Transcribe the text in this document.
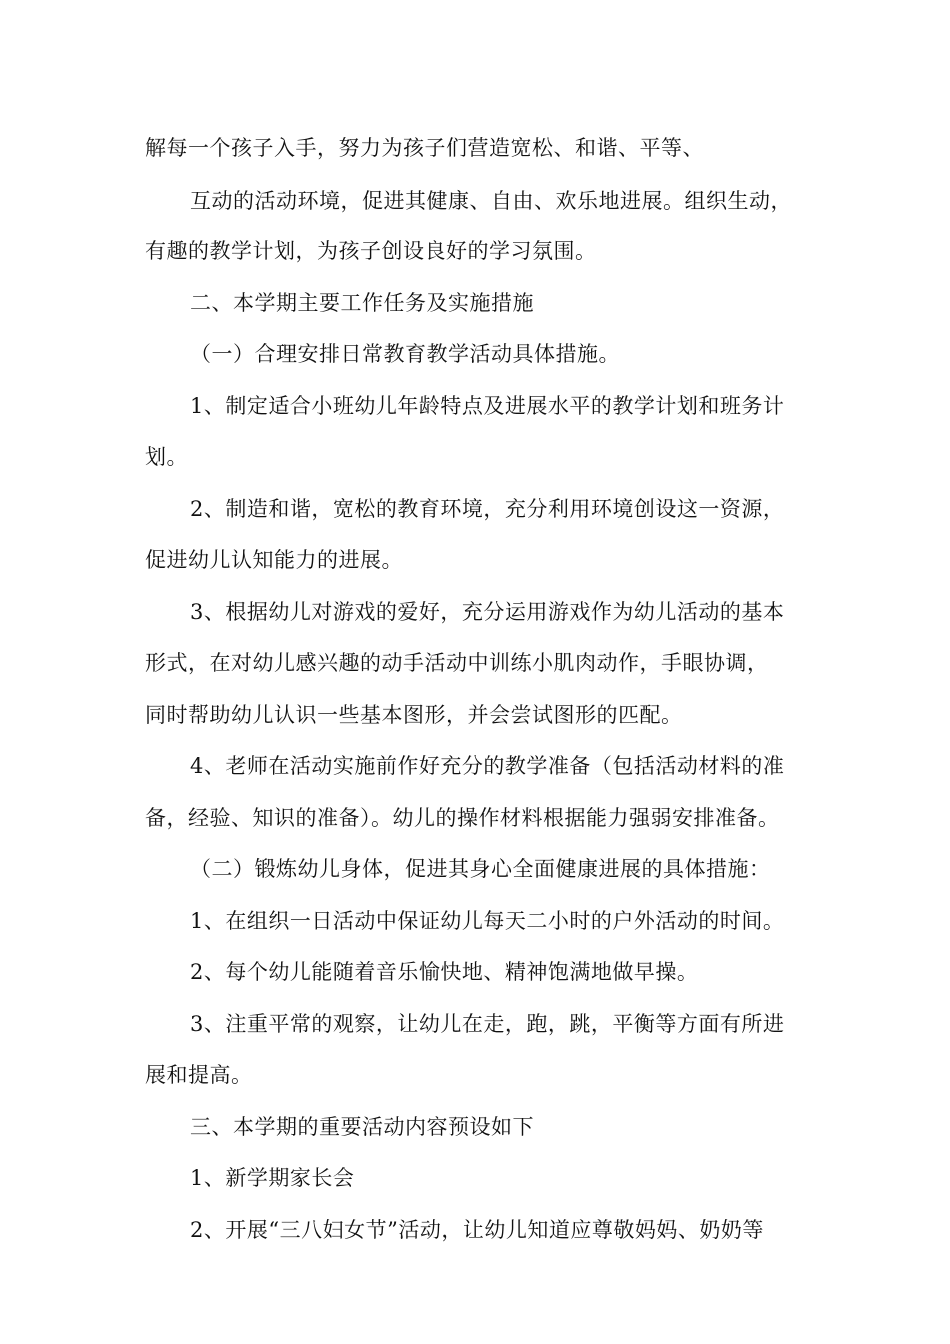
解每一个孩子入手，努力为孩子们营造宽松、和谐、平等、
互动的活动环境，促进其健康、自由、欢乐地进展。组织生动，
有趣的教学计划，为孩子创设良好的学习氛围。
二、本学期主要工作任务及实施措施
（一）合理安排日常教育教学活动具体措施。
1、制定适合小班幼儿年龄特点及进展水平的教学计划和班务计
划。
2、制造和谐，宽松的教育环境，充分利用环境创设这一资源，
促进幼儿认知能力的进展。
3、根据幼儿对游戏的爱好，充分运用游戏作为幼儿活动的基本
形式，在对幼儿感兴趣的动手活动中训练小肌肉动作，手眼协调，
同时帮助幼儿认识一些基本图形，并会尝试图形的匹配。
4、老师在活动实施前作好充分的教学准备（包括活动材料的准
备，经验、知识的准备）。幼儿的操作材料根据能力强弱安排准备。
（二）锻炼幼儿身体，促进其身心全面健康进展的具体措施：
1、在组织一日活动中保证幼儿每天二小时的户外活动的时间。
2、每个幼儿能随着音乐愉快地、精神饱满地做早操。
3、注重平常的观察，让幼儿在走，跑，跳，平衡等方面有所进
展和提高。
三、本学期的重要活动内容预设如下
1、新学期家长会
2、开展“三八妇女节”活动，让幼儿知道应尊敬妈妈、奶奶等
